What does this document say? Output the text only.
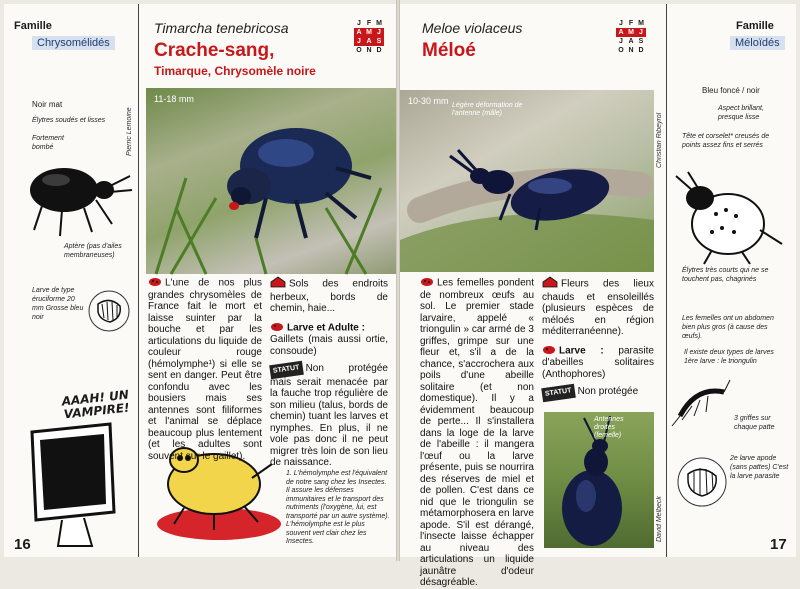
Famille
Chrysomélidés
Timarcha tenebricosa
Crache-sang,
Timarque, Chrysomèle noire
J F M
A M J
J A S
O N D
Pierric Lemoine
11-18 mm
Noir mat
Élytres soudés et lisses
Fortement bombé
Aptère (pas d'ailes membraneuses)
Larve de type éruciforme 20 mm Grosse bleu noir
AAAH! UN VAMPIRE!
L'une de nos plus grandes chrysomèles de France fait le mort et laisse suinter par la bouche et par les articulations du liquide de couleur rouge (hémolymphe¹) si elle se sent en danger. Peut être confondu avec les bousiers mais ses antennes sont filiformes et l'animal se déplace beaucoup plus lentement (et les adultes sont souvent sur le gaillet).

Sols des endroits herbeux, bords de chemin, haie...

Larve et Adulte :
Gaillets (mais aussi ortie, consoude)

STATUT Non protégée mais serait menacée par la fauche trop régulière de son milieu (talus, bords de chemin) tuant les larves et nymphes. En plus, il ne vole pas donc il ne peut migrer très loin de son lieu de naissance.

1. L'hémolymphe est l'équivalent de notre sang chez les Insectes. Il assure les défenses immunitaires et le transport des nutriments (l'oxygène, lui, est transporté par un autre système). L'hémolymphe est le plus souvent vert clair chez les Insectes.
16
Meloe violaceus
Méloé
J F M
A M J
J A S
O N D
Famille
Méloïdés
Christian Ribeyrol
David Melbeck
10-30 mm Légère déformation de l'antenne (mâle)
Bleu foncé / noir
Aspect brillant, presque lisse
Tête et corselet* creusés de points assez fins et serrés
Élytres très courts qui ne se touchent pas, chagrinés
Les femelles ont un abdomen bien plus gros (à cause des œufs).
Il existe deux types de larves 1ère larve : le triongulin
3 griffes sur chaque patte
2e larve apode (sans pattes) C'est la larve parasite
Les femelles pondent de nombreux œufs au sol. Le premier stade larvaire, appelé « triongulin » car armé de 3 griffes, grimpe sur une fleur et, s'il a de la chance, s'accrochera aux poils d'une abeille solitaire (et non domestique). Il y a évidemment beaucoup de perte... Il s'installera dans la loge de la larve de l'abeille : il mangera l'œuf ou la larve présente, puis se nourrira des réserves de miel et de pollen. C'est dans ce nid que le triongulin se métamorphosera en larve apode. S'il est dérangé, l'insecte laisse échapper au niveau des articulations un liquide jaunâtre d'odeur désagréable.

Fleurs des lieux chauds et ensoleillés (plusieurs espèces de méloés en région méditerranéenne).

Larve : parasite d'abeilles solitaires (Anthophores)

STATUT Non protégée

Antennes droites (femelle)
17
